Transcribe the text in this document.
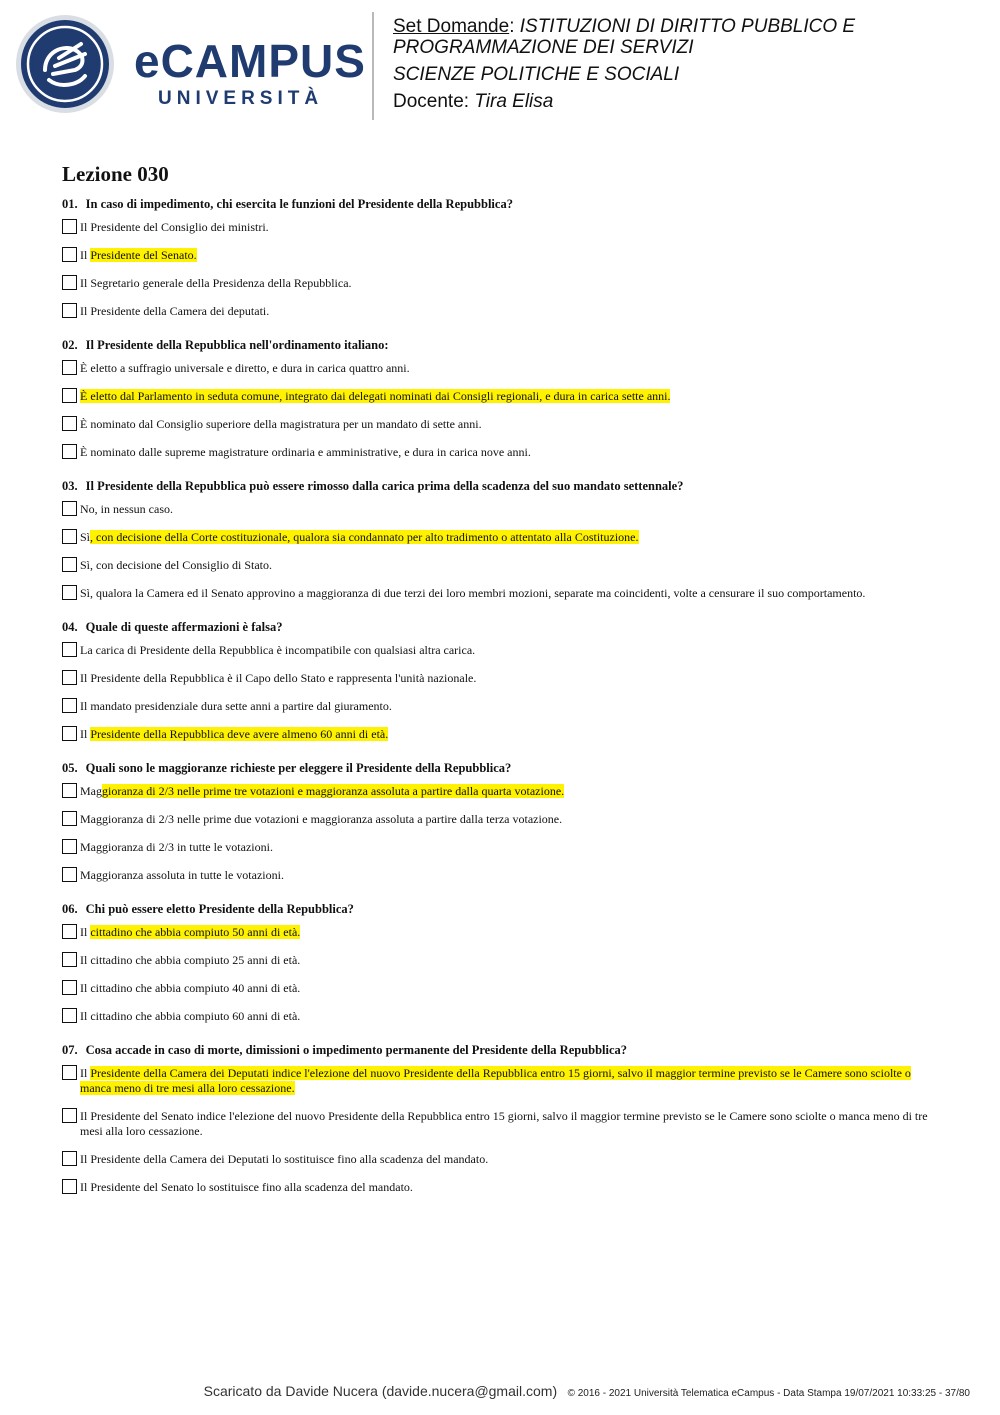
eCAMPUS
UNIVERSITÀ
Set Domande: ISTITUZIONI DI DIRITTO PUBBLICO E PROGRAMMAZIONE DEI SERVIZI
SCIENZE POLITICHE E SOCIALI
Docente: Tira Elisa
Lezione 030
01. In caso di impedimento, chi esercita le funzioni del Presidente della Repubblica?
Il Presidente del Consiglio dei ministri.
Il Presidente del Senato.
Il Segretario generale della Presidenza della Repubblica.
Il Presidente della Camera dei deputati.
02. Il Presidente della Repubblica nell'ordinamento italiano:
È eletto a suffragio universale e diretto, e dura in carica quattro anni.
È eletto dal Parlamento in seduta comune, integrato dai delegati nominati dai Consigli regionali, e dura in carica sette anni.
È nominato dal Consiglio superiore della magistratura per un mandato di sette anni.
È nominato dalle supreme magistrature ordinaria e amministrative, e dura in carica nove anni.
03. Il Presidente della Repubblica può essere rimosso dalla carica prima della scadenza del suo mandato settennale?
No, in nessun caso.
Sì, con decisione della Corte costituzionale, qualora sia condannato per alto tradimento o attentato alla Costituzione.
Sì, con decisione del Consiglio di Stato.
Sì, qualora la Camera ed il Senato approvino a maggioranza di due terzi dei loro membri mozioni, separate ma coincidenti, volte a censurare il suo comportamento.
04. Quale di queste affermazioni è falsa?
La carica di Presidente della Repubblica è incompatibile con qualsiasi altra carica.
Il Presidente della Repubblica è il Capo dello Stato e rappresenta l'unità nazionale.
Il mandato presidenziale dura sette anni a partire dal giuramento.
Il Presidente della Repubblica deve avere almeno 60 anni di età.
05. Quali sono le maggioranze richieste per eleggere il Presidente della Repubblica?
Maggioranza di 2/3 nelle prime tre votazioni e maggioranza assoluta a partire dalla quarta votazione.
Maggioranza di 2/3 nelle prime due votazioni e maggioranza assoluta a partire dalla terza votazione.
Maggioranza di 2/3 in tutte le votazioni.
Maggioranza assoluta in tutte le votazioni.
06. Chi può essere eletto Presidente della Repubblica?
Il cittadino che abbia compiuto 50 anni di età.
Il cittadino che abbia compiuto 25 anni di età.
Il cittadino che abbia compiuto 40 anni di età.
Il cittadino che abbia compiuto 60 anni di età.
07. Cosa accade in caso di morte, dimissioni o impedimento permanente del Presidente della Repubblica?
Il Presidente della Camera dei Deputati indice l'elezione del nuovo Presidente della Repubblica entro 15 giorni, salvo il maggior termine previsto se le Camere sono sciolte o manca meno di tre mesi alla loro cessazione.
Il Presidente del Senato indice l'elezione del nuovo Presidente della Repubblica entro 15 giorni, salvo il maggior termine previsto se le Camere sono sciolte o manca meno di tre mesi alla loro cessazione.
Il Presidente della Camera dei Deputati lo sostituisce fino alla scadenza del mandato.
Il Presidente del Senato lo sostituisce fino alla scadenza del mandato.
Scaricato da Davide Nucera (davide.nucera@gmail.com) © 2016 - 2021 Università Telematica eCampus - Data Stampa 19/07/2021 10:33:25 - 37/80
